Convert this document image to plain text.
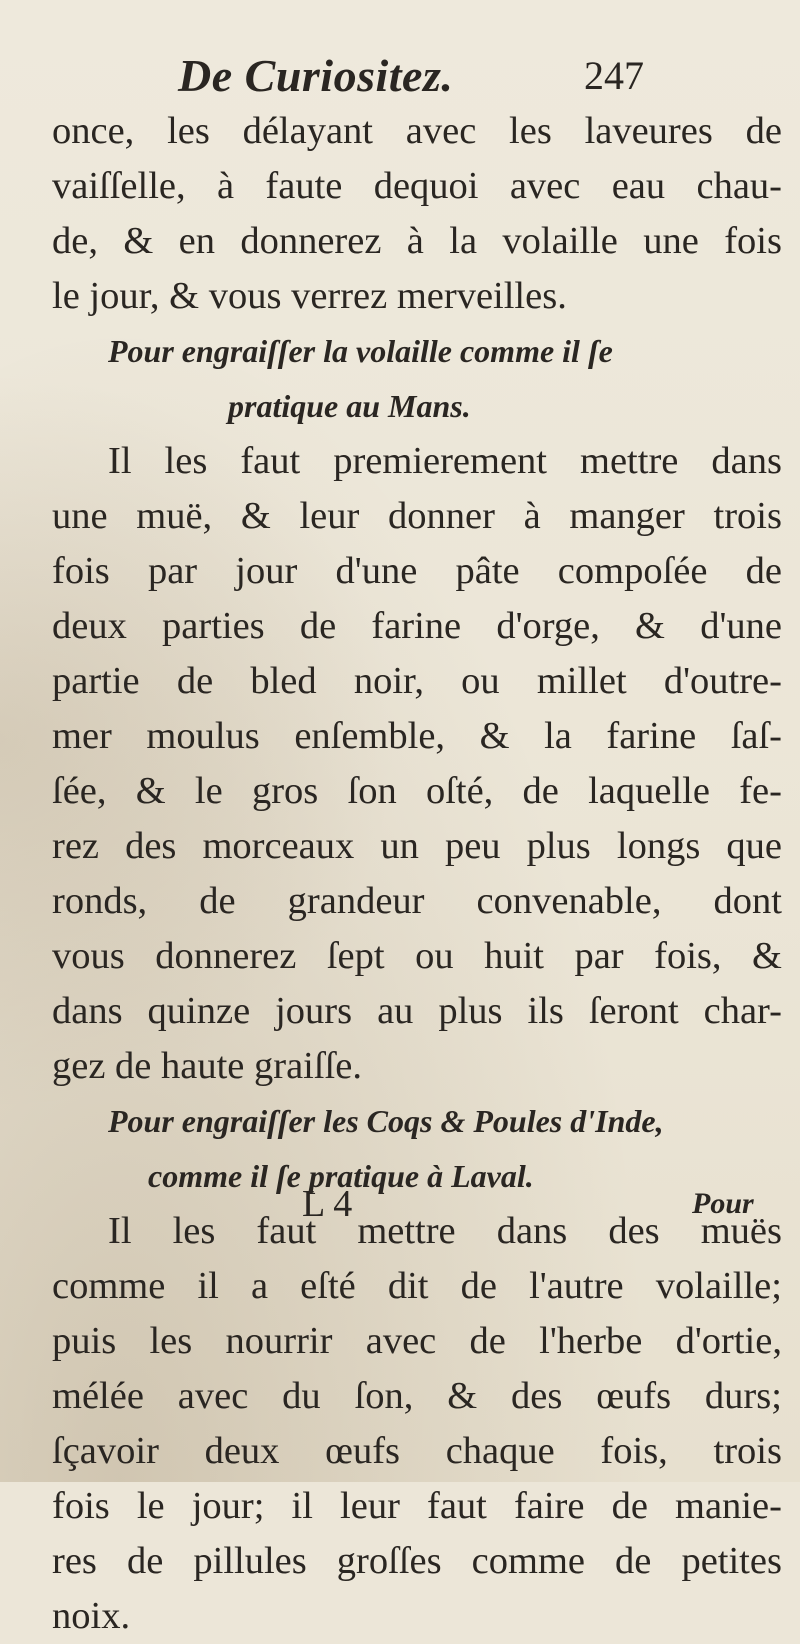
De Curiositez.	247
once, les délayant avec les laveures de
vaiſſelle, à faute dequoi avec eau chau-
de, & en donnerez à la volaille une fois
le jour, & vous verrez merveilles.
Pour engraiſſer la volaille comme il ſe
pratique au Mans.
Il les faut premierement mettre dans
une muë, & leur donner à manger trois
fois par jour d'une pâte compoſée de
deux parties de farine d'orge, & d'une
partie de bled noir, ou millet d'outre-
mer moulus enſemble, & la farine ſaſ-
ſée, & le gros ſon oſté, de laquelle fe-
rez des morceaux un peu plus longs que
ronds, de grandeur convenable, dont
vous donnerez ſept ou huit par fois, &
dans quinze jours au plus ils ſeront char-
gez de haute graiſſe.
Pour engraiſſer les Coqs & Poules d'Inde,
comme il ſe pratique à Laval.
Il les faut mettre dans des muës
comme il a eſté dit de l'autre volaille;
puis les nourrir avec de l'herbe d'ortie,
mélée avec du ſon, & des œufs durs;
ſçavoir deux œufs chaque fois, trois
fois le jour; il leur faut faire de manie-
res de pillules groſſes comme de petites
noix.
L 4	Pour
